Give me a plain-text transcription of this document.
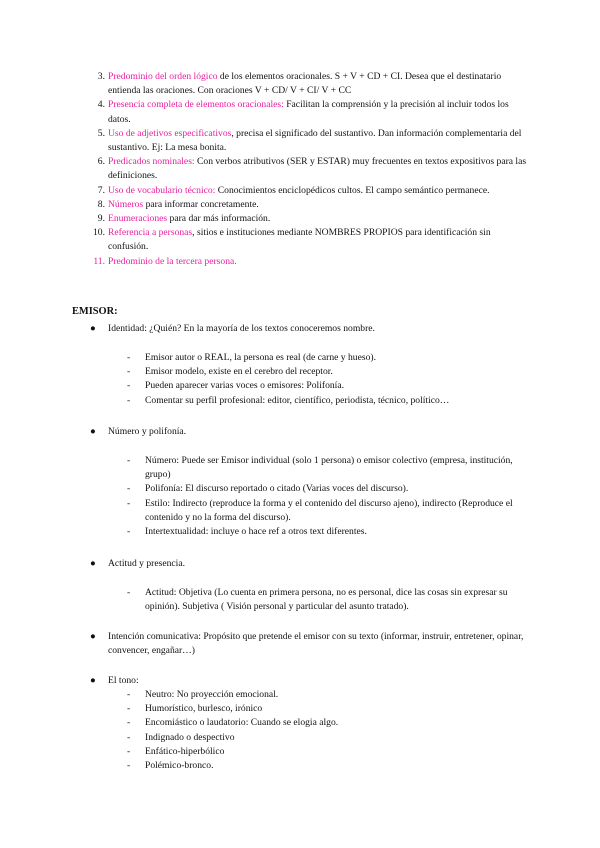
3. Predominio del orden lógico de los elementos oracionales. S + V + CD + CI. Desea que el destinatario entienda las oraciones. Con oraciones V + CD/ V + CI/ V + CC
4. Presencia completa de elementos oracionales: Facilitan la comprensión y la precisión al incluir todos los datos.
5. Uso de adjetivos especificativos, precisa el significado del sustantivo. Dan información complementaria del sustantivo. Ej: La mesa bonita.
6. Predicados nominales: Con verbos atributivos (SER y ESTAR) muy frecuentes en textos expositivos para las definiciones.
7. Uso de vocabulario técnico: Conocimientos enciclopédicos cultos. El campo semántico permanece.
8. Números para informar concretamente.
9. Enumeraciones para dar más información.
10. Referencia a personas, sitios e instituciones mediante NOMBRES PROPIOS para identificación sin confusión.
11. Predominio de la tercera persona.
EMISOR:
● Identidad: ¿Quién? En la mayoría de los textos conoceremos nombre.
- Emisor autor o REAL, la persona es real (de carne y hueso).
- Emisor modelo, existe en el cerebro del receptor.
- Pueden aparecer varias voces o emisores: Polifonía.
- Comentar su perfil profesional: editor, científico, periodista, técnico, político…
● Número y polifonía.
- Número: Puede ser Emisor individual (solo 1 persona) o emisor colectivo (empresa, institución, grupo)
- Polifonía: El discurso reportado o citado (Varias voces del discurso).
- Estilo: Indirecto (reproduce la forma y el contenido del discurso ajeno), indirecto (Reproduce el contenido y no la forma del discurso).
- Intertextualidad: incluye o hace ref a otros text diferentes.
● Actitud y presencia.
- Actitud: Objetiva (Lo cuenta en primera persona, no es personal, dice las cosas sin expresar su opinión). Subjetiva ( Visión personal y particular del asunto tratado).
● Intención comunicativa: Propósito que pretende el emisor con su texto (informar, instruir, entretener, opinar, convencer, engañar…)
● El tono:
- Neutro: No proyección emocional.
- Humorístico, burlesco, irónico
- Encomiástico o laudatorio: Cuando se elogia algo.
- Indignado o despectivo
- Enfático-hiperbólico
- Polémico-bronco.
